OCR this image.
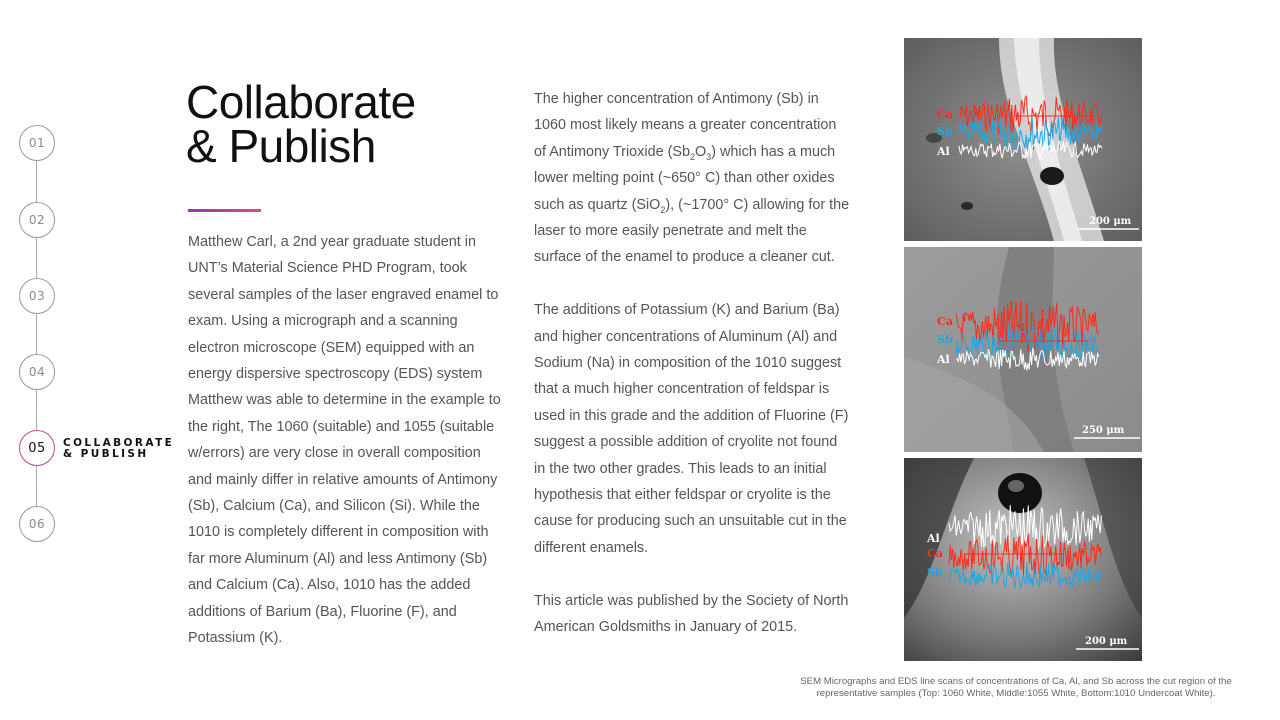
01
02
03
04
05
06
COLLABORATE
& PUBLISH
Collaborate
& Publish

Matthew Carl, a 2nd year graduate student in UNT’s Material Science PHD Program, took several samples of the laser engraved enamel to exam. Using a micrograph and a scanning electron microscope (SEM) equipped with an energy dispersive spectroscopy (EDS) system Matthew was able to determine in the example to the right, The 1060 (suitable) and 1055 (suitable w/errors) are very close in overall composition and mainly differ in relative amounts of Antimony (Sb), Calcium (Ca), and Silicon (Si). While the 1010 is completely different in composition with far more Aluminum (Al) and less Antimony (Sb) and Calcium (Ca). Also, 1010 has the added additions of Barium (Ba), Fluorine (F), and Potassium (K).

The higher concentration of Antimony (Sb) in 1060 most likely means a greater concentration of Antimony Trioxide $(Sb_2O_3)$ which has a much lower melting point (~650° C) than other oxides such as quartz (SiO$_2$), (~1700° C) allowing for the laser to more easily penetrate and melt the surface of the enamel to produce a cleaner cut.

The additions of Potassium (K) and Barium (Ba) and higher concentrations of Aluminum (Al) and Sodium (Na) in composition of the 1010 suggest that a much higher concentration of feldspar is used in this grade and the addition of Fluorine (F) suggest a possible addition of cryolite not found in the two other grades. This leads to an initial hypothesis that either feldspar or cryolite is the cause for producing such an unsuitable cut in the different enamels.

This article was published by the Society of North American Goldsmiths in January of 2015.

Ca
Sb
Al
200 μm
Ca
Sb
Al
250 μm
Al
Ca
Sb
200 μm
SEM Micrographs and EDS line scans of concentrations of Ca, Al, and Sb across the cut region of the representative samples (Top: 1060 White, Middle:1055 White, Bottom:1010 Undercoat White).
